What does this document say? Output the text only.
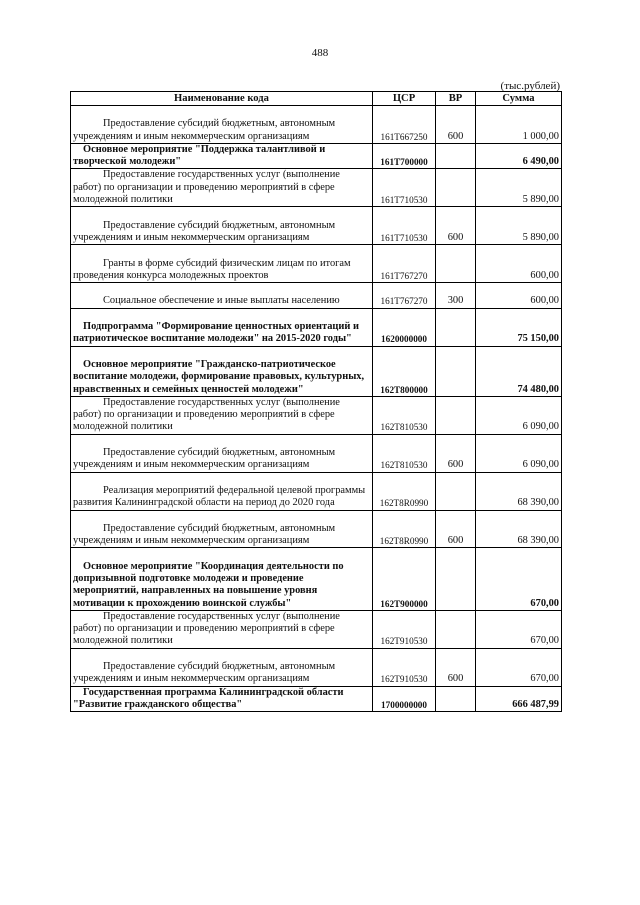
488
(тыс.рублей)
Наименование кода	ЦСР	ВР	Сумма
Предоставление субсидий бюджетным, автономным учреждениям и иным некоммерческим организациям	161Т667250	600	1 000,00
Основное мероприятие "Поддержка талантливой и творческой молодежи"	161Т700000		6 490,00
Предоставление государственных услуг (выполнение работ) по организации и проведению мероприятий в сфере молодежной политики	161Т710530		5 890,00
Предоставление субсидий бюджетным, автономным учреждениям и иным некоммерческим организациям	161Т710530	600	5 890,00
Гранты в форме субсидий физическим лицам по итогам проведения конкурса молодежных проектов	161Т767270		600,00
Социальное обеспечение и иные выплаты населению	161Т767270	300	600,00
Подпрограмма "Формирование ценностных ориентаций и патриотическое воспитание молодежи" на 2015-2020 годы"	1620000000		75 150,00
Основное мероприятие "Гражданско-патриотическое воспитание молодежи, формирование правовых, культурных, нравственных и семейных ценностей молодежи"	162Т800000		74 480,00
Предоставление государственных услуг (выполнение работ) по организации и проведению мероприятий в сфере молодежной политики	162Т810530		6 090,00
Предоставление субсидий бюджетным, автономным учреждениям и иным некоммерческим организациям	162Т810530	600	6 090,00
Реализация мероприятий федеральной целевой программы развития Калининградской области на период до 2020 года	162Т8R0990		68 390,00
Предоставление субсидий бюджетным, автономным учреждениям и иным некоммерческим организациям	162Т8R0990	600	68 390,00
Основное мероприятие "Координация деятельности по допризывной подготовке молодежи и проведение мероприятий, направленных на повышение уровня мотивации к прохождению воинской службы"	162Т900000		670,00
Предоставление государственных услуг (выполнение работ) по организации и проведению мероприятий в сфере молодежной политики	162Т910530		670,00
Предоставление субсидий бюджетным, автономным учреждениям и иным некоммерческим организациям	162Т910530	600	670,00
Государственная программа Калининградской области "Развитие гражданского общества"	1700000000		666 487,99
